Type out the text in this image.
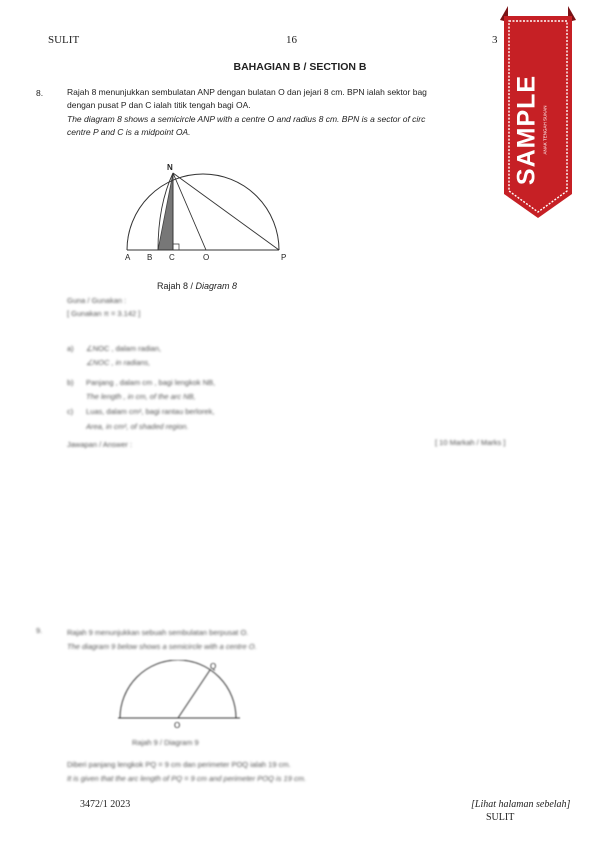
SULIT	16	3
BAHAGIAN B / SECTION B
8.	Rajah 8 menunjukkan sembulatan ANP dengan bulatan O dan jejari 8 cm. BPN ialah sektor bag
dengan pusat P dan C ialah titik tengah bagi OA.
The diagram 8 shows a semicircle ANP with a centre O and radius 8 cm. BPN is a sector of circ
centre P and C is a midpoint OA.
N
A B C	O	P
Rajah 8 / Diagram 8
Guna / Gunakan :
[ Gunakan π = 3.142 ]
a)	∠NOC , dalam radian,
∠NOC , in radians,
b)	Panjang , dalam cm , bagi lengkok NB,
The length , in cm, of the arc NB,
c)	Luas, dalam cm², bagi rantau berlorek,
Area, in cm², of shaded region.
Jawapan / Answer :	[ 10 Markah / Marks ]
9.	Rajah 9 menunjukkan sebuah sembulatan berpusat O.
The diagram 9 below shows a semicircle with a centre O.
Q
O
Rajah 9 / Diagram 9
Diberi panjang lengkok PQ = 9 cm dan perimeter POQ ialah 19 cm.
It is given that the arc length of PQ = 9 cm and perimeter POQ is 19 cm.
3472/1 2023	[Lihat halaman sebelah]
SULIT
SAMPLE ANAK TENGAH SUKAN
